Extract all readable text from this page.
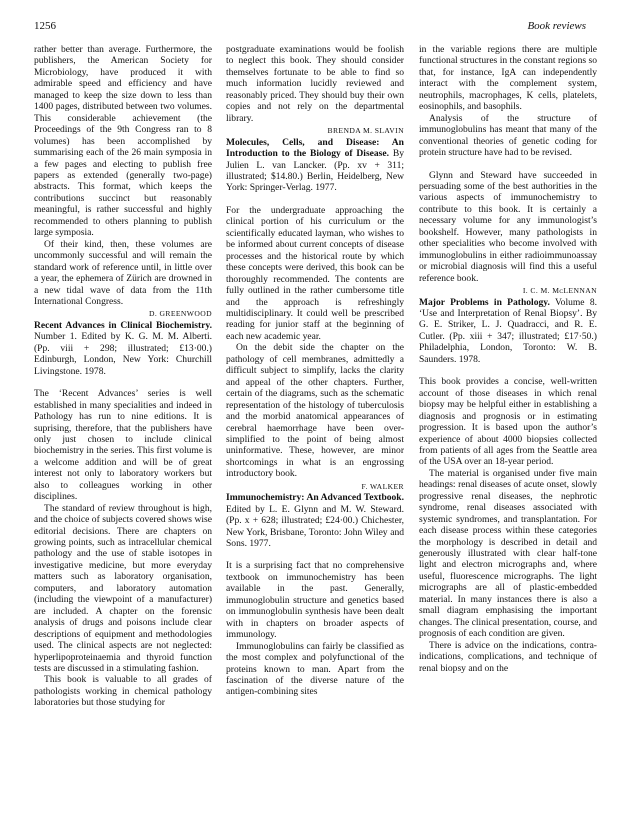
1256	Book reviews

rather better than average. Furthermore, the publishers, the American Society for Microbiology, have produced it with admirable speed and efficiency and have managed to keep the size down to less than 1400 pages, distributed between two volumes. This considerable achievement (the Proceedings of the 9th Congress ran to 8 volumes) has been accomplished by summarising each of the 26 main symposia in a few pages and electing to publish free papers as extended (generally two-page) abstracts. This format, which keeps the contributions succinct but reasonably meaningful, is rather successful and highly recommended to others planning to publish large symposia.

Of their kind, then, these volumes are uncommonly successful and will remain the standard work of reference until, in little over a year, the ephemera of Zürich are drowned in a new tidal wave of data from the 11th International Congress.

D. GREENWOOD

Recent Advances in Clinical Biochemistry. Number 1. Edited by K. G. M. M. Alberti. (Pp. viii + 298; illustrated; £13·00.) Edinburgh, London, New York: Churchill Livingstone. 1978.

The ‘Recent Advances’ series is well established in many specialities and indeed in Pathology has run to nine editions. It is suprising, therefore, that the publishers have only just chosen to include clinical biochemistry in the series. This first volume is a welcome addition and will be of great interest not only to laboratory workers but also to colleagues working in other disciplines.

The standard of review throughout is high, and the choice of subjects covered shows wise editorial decisions. There are chapters on growing points, such as intracellular chemical pathology and the use of stable isotopes in investigative medicine, but more everyday matters such as laboratory organisation, computers, and laboratory automation (including the viewpoint of a manufacturer) are included. A chapter on the forensic analysis of drugs and poisons include clear descriptions of equipment and methodologies used. The clinical aspects are not neglected: hyperlipoproteinaemia and thyroid function tests are discussed in a stimulating fashion.

This book is valuable to all grades of pathologists working in chemical pathology laboratories but those studying for

postgraduate examinations would be foolish to neglect this book. They should consider themselves fortunate to be able to find so much information lucidly reviewed and reasonably priced. They should buy their own copies and not rely on the departmental library.

BRENDA M. SLAVIN

Molecules, Cells, and Disease: An Introduction to the Biology of Disease. By Julien L. van Lancker. (Pp. xv + 311; illustrated; $14.80.) Berlin, Heidelberg, New York: Springer-Verlag. 1977.

For the undergraduate approaching the clinical portion of his curriculum or the scientifically educated layman, who wishes to be informed about current concepts of disease processes and the historical route by which these concepts were derived, this book can be thoroughly recommended. The contents are fully outlined in the rather cumbersome title and the approach is refreshingly multidisciplinary. It could well be prescribed reading for junior staff at the beginning of each new academic year.

On the debit side the chapter on the pathology of cell membranes, admittedly a difficult subject to simplify, lacks the clarity and appeal of the other chapters. Further, certain of the diagrams, such as the schematic representation of the histology of tuberculosis and the morbid anatomical appearances of cerebral haemorrhage have been over-simplified to the point of being almost uninformative. These, however, are minor shortcomings in what is an engrossing introductory book.

F. WALKER

Immunochemistry: An Advanced Textbook. Edited by L. E. Glynn and M. W. Steward. (Pp. x + 628; illustrated; £24·00.) Chichester, New York, Brisbane, Toronto: John Wiley and Sons. 1977.

It is a surprising fact that no comprehensive textbook on immunochemistry has been available in the past. Generally, immunoglobulin structure and genetics based on immunoglobulin synthesis have been dealt with in chapters on broader aspects of immunology.

Immunoglobulins can fairly be classified as the most complex and polyfunctional of the proteins known to man. Apart from the fascination of the diverse nature of the antigen-combining sites

in the variable regions there are multiple functional structures in the constant regions so that, for instance, IgA can independently interact with the complement system, neutrophils, macrophages, K cells, platelets, eosinophils, and basophils.

Analysis of the structure of immunoglobulins has meant that many of the conventional theories of genetic coding for protein structure have had to be revised.

Glynn and Steward have succeeded in persuading some of the best authorities in the various aspects of immunochemistry to contribute to this book. It is certainly a necessary volume for any immunologist’s bookshelf. However, many pathologists in other specialities who become involved with immunoglobulins in either radioimmunoassay or microbial diagnosis will find this a useful reference book.

I. C. M. MᴄLENNAN

Major Problems in Pathology. Volume 8. ‘Use and Interpretation of Renal Biopsy’. By G. E. Striker, L. J. Quadracci, and R. E. Cutler. (Pp. xiii + 347; illustrated; £17·50.) Philadelphia, London, Toronto: W. B. Saunders. 1978.

This book provides a concise, well-written account of those diseases in which renal biopsy may be helpful either in establishing a diagnosis and prognosis or in estimating progression. It is based upon the author’s experience of about 4000 biopsies collected from patients of all ages from the Seattle area of the USA over an 18-year period.

The material is organised under five main headings: renal diseases of acute onset, slowly progressive renal diseases, the nephrotic syndrome, renal diseases associated with systemic syndromes, and transplantation. For each disease process within these categories the morphology is described in detail and generously illustrated with clear half-tone light and electron micrographs and, where useful, fluorescence micrographs. The light micrographs are all of plastic-embedded material. In many instances there is also a small diagram emphasising the important changes. The clinical presentation, course, and prognosis of each condition are given.

There is advice on the indications, contra-indications, complications, and technique of renal biopsy and on the
